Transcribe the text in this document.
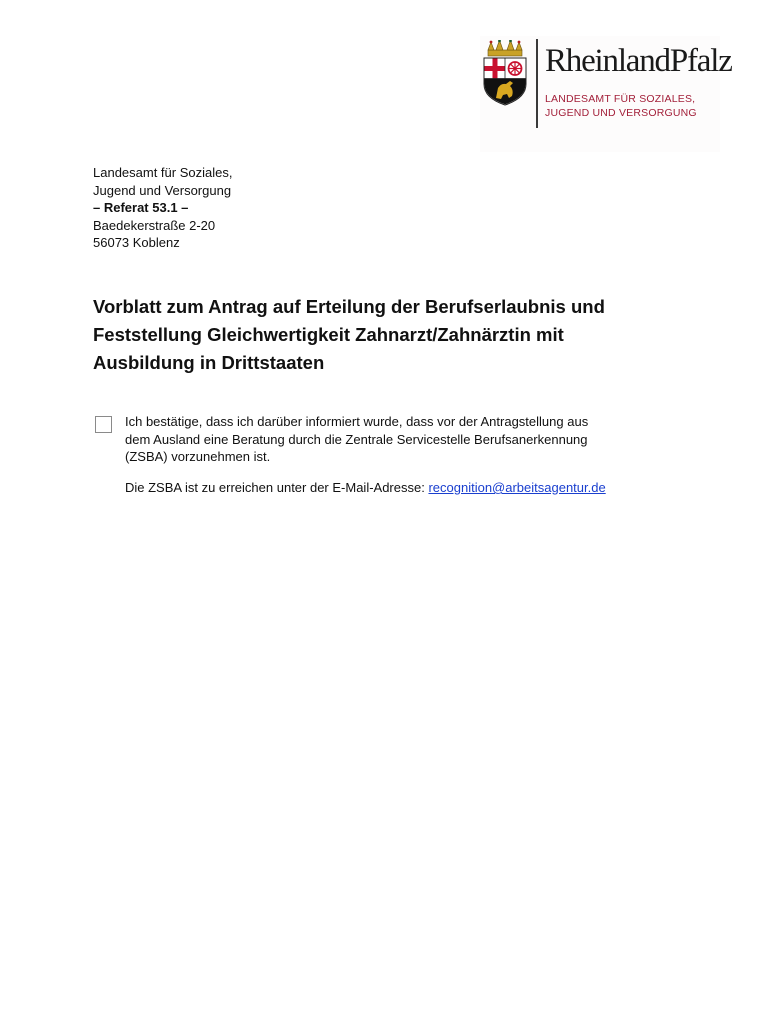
RheinlandPfalz
LANDESAMT FÜR SOZIALES,
JUGEND UND VERSORGUNG
Landesamt für Soziales,
Jugend und Versorgung
– Referat 53.1 –
Baedekerstraße 2-20
56073 Koblenz
Vorblatt zum Antrag auf Erteilung der Berufserlaubnis und
Feststellung Gleichwertigkeit Zahnarzt/Zahnärztin mit
Ausbildung in Drittstaaten
Ich bestätige, dass ich darüber informiert wurde, dass vor der Antragstellung aus
dem Ausland eine Beratung durch die Zentrale Servicestelle Berufsanerkennung
(ZSBA) vorzunehmen ist.
Die ZSBA ist zu erreichen unter der E-Mail-Adresse: recognition@arbeitsagentur.de
